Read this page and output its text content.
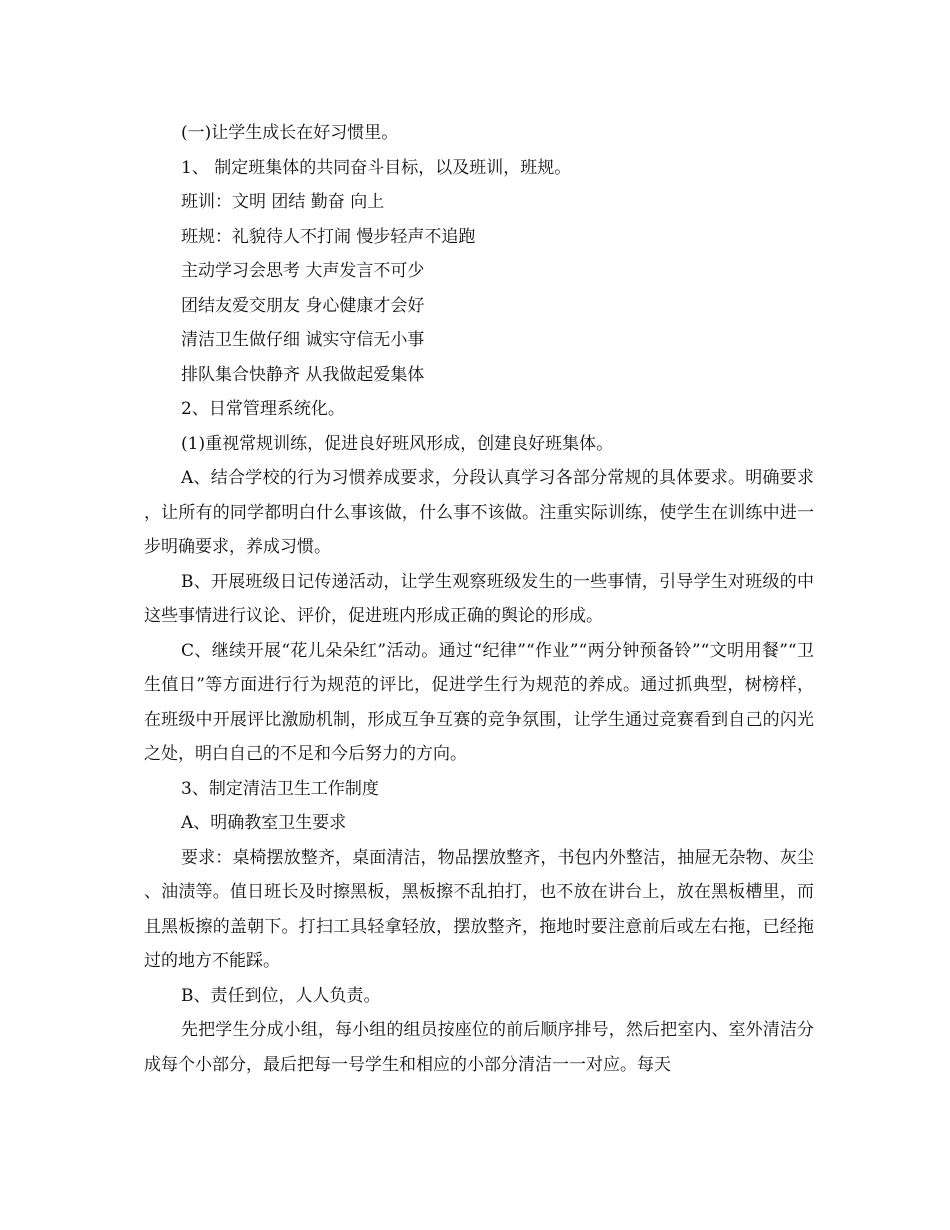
(一)让学生成长在好习惯里。
1、 制定班集体的共同奋斗目标，以及班训，班规。
班训：文明 团结 勤奋 向上
班规：礼貌待人不打闹 慢步轻声不追跑
主动学习会思考 大声发言不可少
团结友爱交朋友 身心健康才会好
清洁卫生做仔细 诚实守信无小事
排队集合快静齐 从我做起爱集体
2、日常管理系统化。
(1)重视常规训练，促进良好班风形成，创建良好班集体。

A、结合学校的行为习惯养成要求，分段认真学习各部分常规的具体要求。明确要求，让所有的同学都明白什么事该做，什么事不该做。注重实际训练，使学生在训练中进一步明确要求，养成习惯。

B、开展班级日记传递活动，让学生观察班级发生的一些事情，引导学生对班级的中这些事情进行议论、评价，促进班内形成正确的舆论的形成。

C、继续开展“花儿朵朵红”活动。通过“纪律”“作业”“两分钟预备铃”“文明用餐”“卫生值日”等方面进行行为规范的评比，促进学生行为规范的养成。通过抓典型，树榜样，在班级中开展评比激励机制，形成互争互赛的竞争氛围，让学生通过竞赛看到自己的闪光之处，明白自己的不足和今后努力的方向。

3、制定清洁卫生工作制度

A、明确教室卫生要求

要求：桌椅摆放整齐，桌面清洁，物品摆放整齐，书包内外整洁，抽屉无杂物、灰尘、油渍等。值日班长及时擦黑板，黑板擦不乱拍打，也不放在讲台上，放在黑板槽里，而且黑板擦的盖朝下。打扫工具轻拿轻放，摆放整齐，拖地时要注意前后或左右拖，已经拖过的地方不能踩。

B、责任到位，人人负责。

先把学生分成小组，每小组的组员按座位的前后顺序排号，然后把室内、室外清洁分成每个小部分，最后把每一号学生和相应的小部分清洁一一对应。每天
